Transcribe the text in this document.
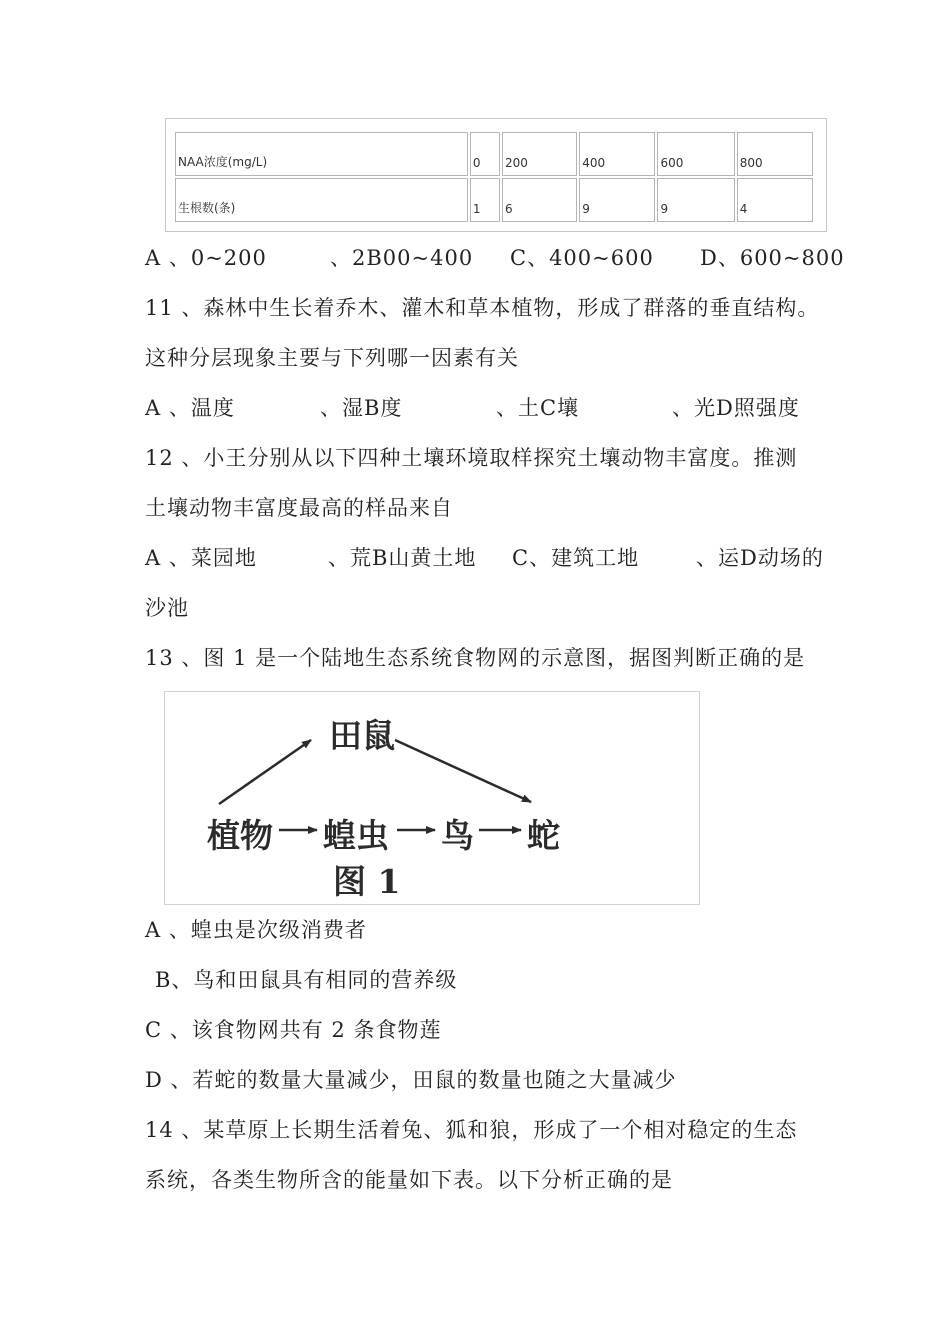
NAA浓度(mg/L)	0	200	400	600	800
生根数(条)	1	6	9	9	4
A 、0~200	、2B00~400 C、400~600 D、600~800
11 、森林中生长着乔木、灌木和草本植物，形成了群落的垂直结构。
这种分层现象主要与下列哪一因素有关
A 、温度	、湿B度	、土C壤	、光D照强度
12 、小王分别从以下四种土壤环境取样探究土壤动物丰富度。推测
土壤动物丰富度最高的样品来自
A 、菜园地	、荒B山黄土地 C、建筑工地	、运D动场的
沙池
13 、图 1 是一个陆地生态系统食物网的示意图，据图判断正确的是
田鼠
植物 蝗虫 鸟 蛇
图 1
A 、蝗虫是次级消费者
B、鸟和田鼠具有相同的营养级
C 、该食物网共有 2 条食物莲
D 、若蛇的数量大量减少，田鼠的数量也随之大量减少
14 、某草原上长期生活着兔、狐和狼，形成了一个相对稳定的生态
系统，各类生物所含的能量如下表。以下分析正确的是
